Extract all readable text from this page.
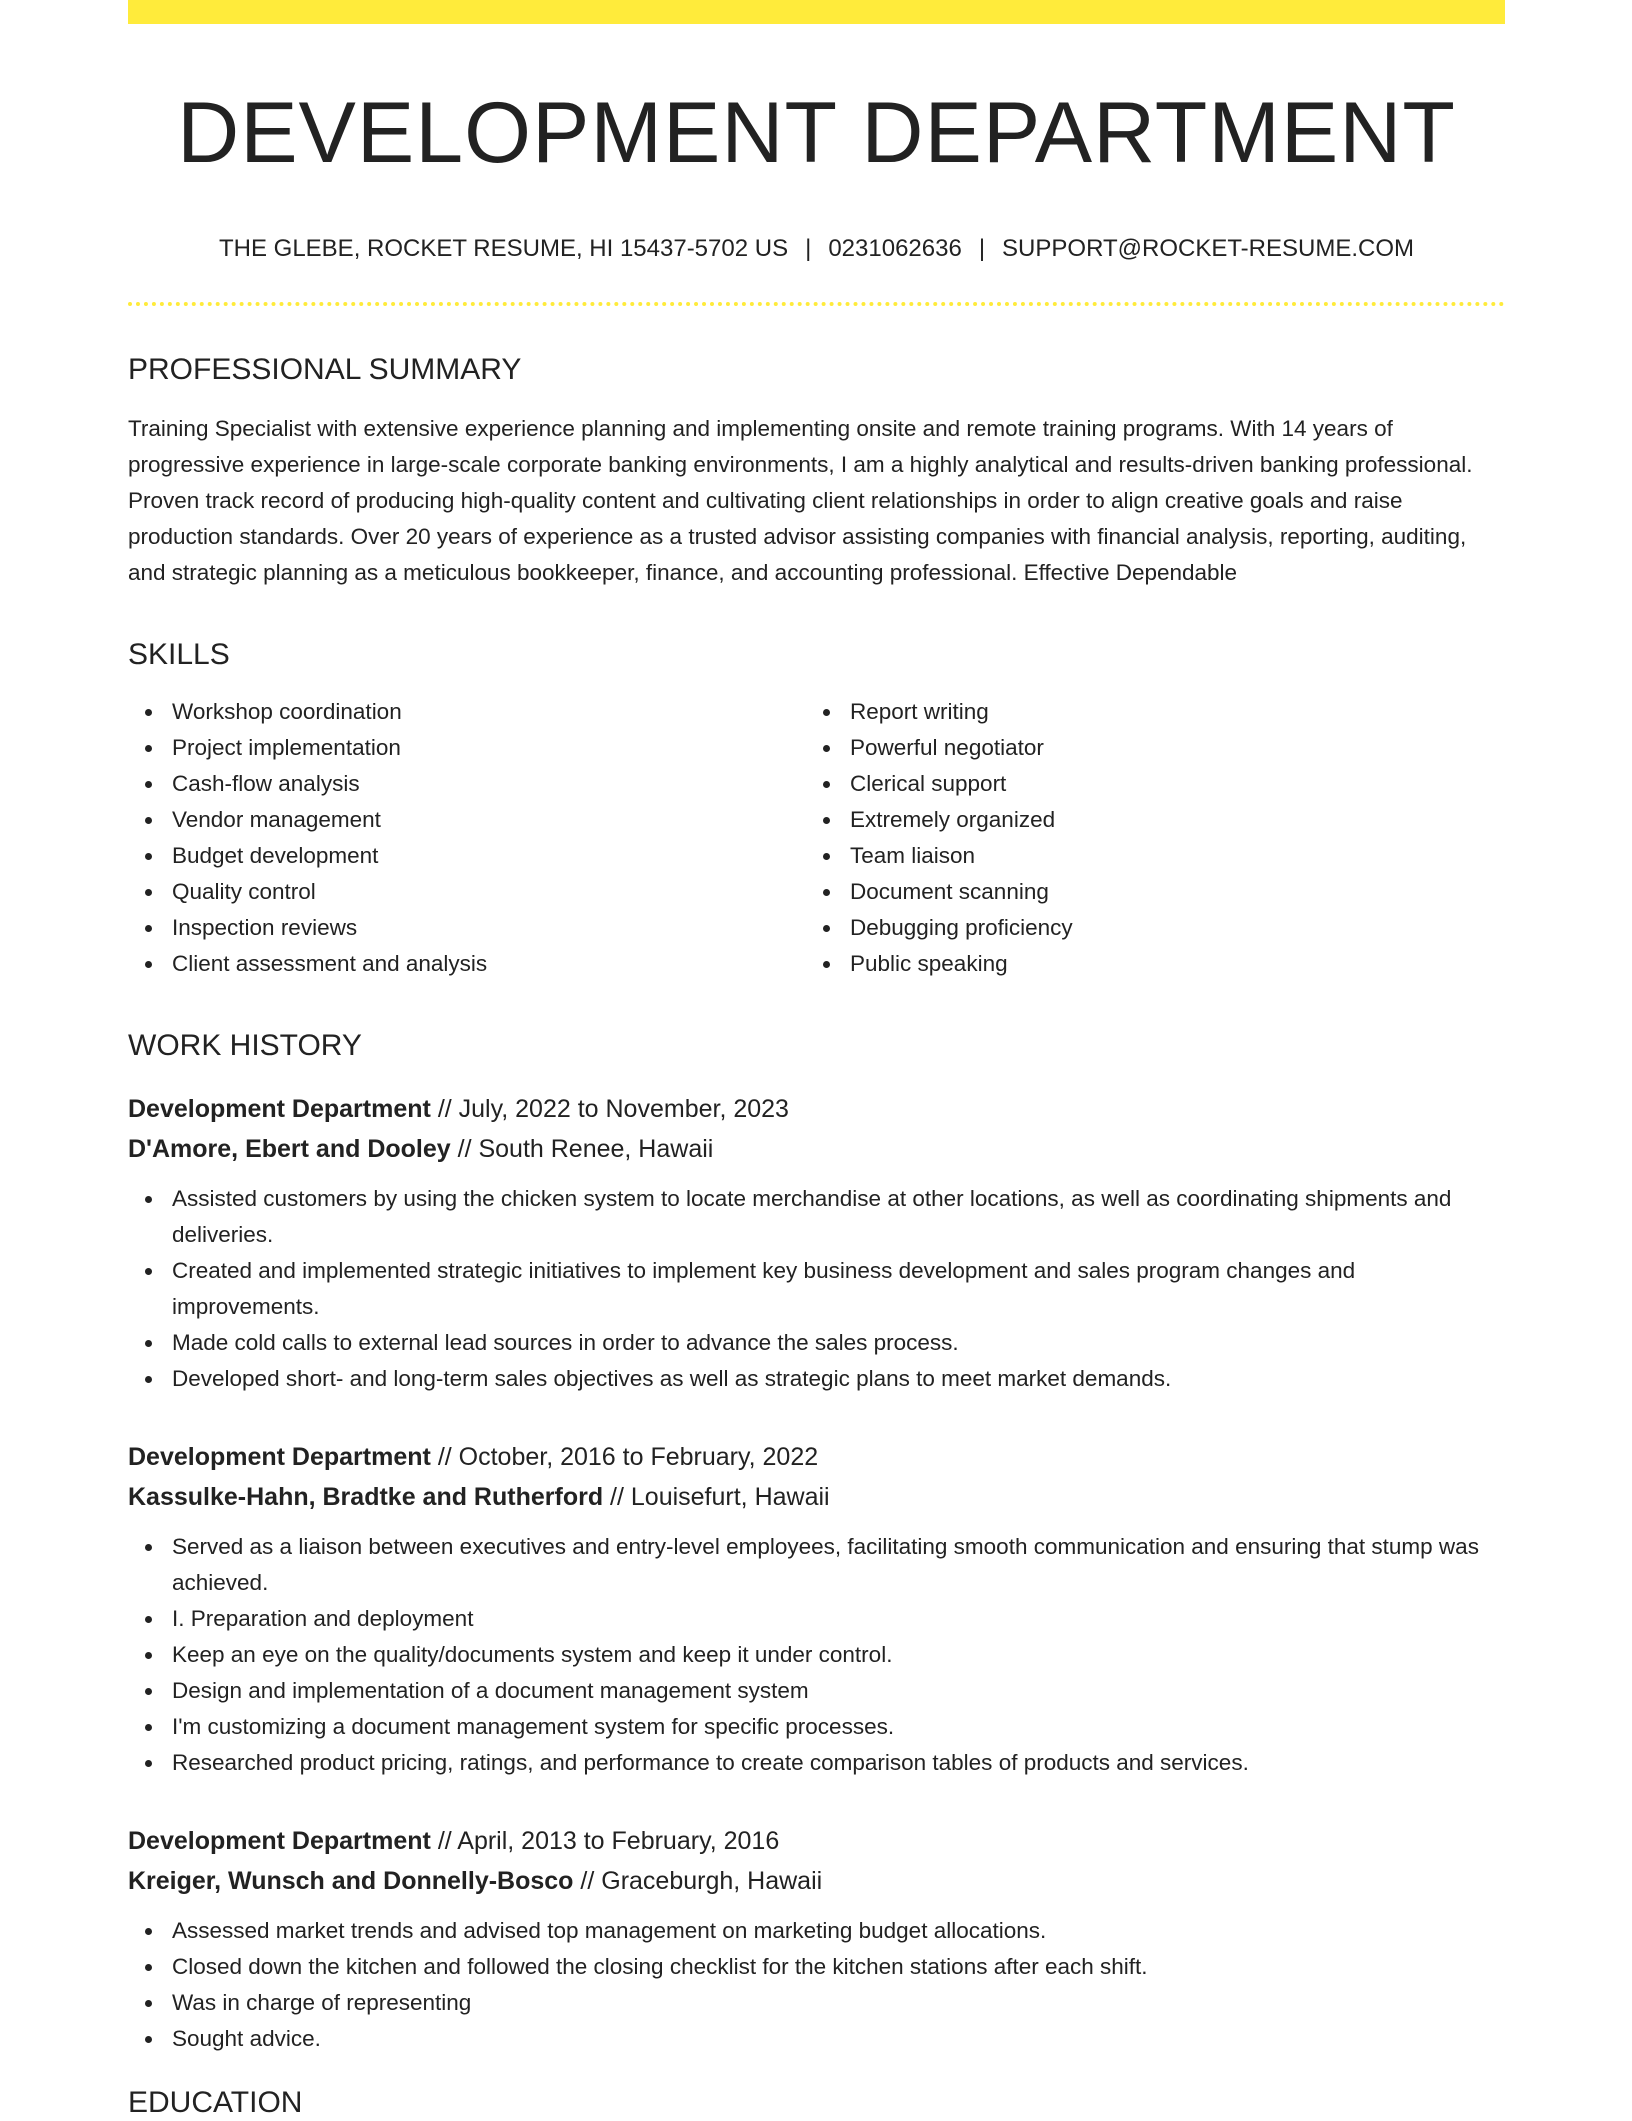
DEVELOPMENT DEPARTMENT
THE GLEBE, ROCKET RESUME, HI 15437-5702 US | 0231062636 | SUPPORT@ROCKET-RESUME.COM
PROFESSIONAL SUMMARY
Training Specialist with extensive experience planning and implementing onsite and remote training programs. With 14 years of progressive experience in large-scale corporate banking environments, I am a highly analytical and results-driven banking professional. Proven track record of producing high-quality content and cultivating client relationships in order to align creative goals and raise production standards. Over 20 years of experience as a trusted advisor assisting companies with financial analysis, reporting, auditing, and strategic planning as a meticulous bookkeeper, finance, and accounting professional. Effective Dependable
SKILLS
Workshop coordination
Project implementation
Cash-flow analysis
Vendor management
Budget development
Quality control
Inspection reviews
Client assessment and analysis
Report writing
Powerful negotiator
Clerical support
Extremely organized
Team liaison
Document scanning
Debugging proficiency
Public speaking
WORK HISTORY
Development Department // July, 2022 to November, 2023
D'Amore, Ebert and Dooley // South Renee, Hawaii
Assisted customers by using the chicken system to locate merchandise at other locations, as well as coordinating shipments and deliveries.
Created and implemented strategic initiatives to implement key business development and sales program changes and improvements.
Made cold calls to external lead sources in order to advance the sales process.
Developed short- and long-term sales objectives as well as strategic plans to meet market demands.
Development Department // October, 2016 to February, 2022
Kassulke-Hahn, Bradtke and Rutherford // Louisefurt, Hawaii
Served as a liaison between executives and entry-level employees, facilitating smooth communication and ensuring that stump was achieved.
I. Preparation and deployment
Keep an eye on the quality/documents system and keep it under control.
Design and implementation of a document management system
I'm customizing a document management system for specific processes.
Researched product pricing, ratings, and performance to create comparison tables of products and services.
Development Department // April, 2013 to February, 2016
Kreiger, Wunsch and Donnelly-Bosco // Graceburgh, Hawaii
Assessed market trends and advised top management on marketing budget allocations.
Closed down the kitchen and followed the closing checklist for the kitchen stations after each shift.
Was in charge of representing
Sought advice.
EDUCATION
